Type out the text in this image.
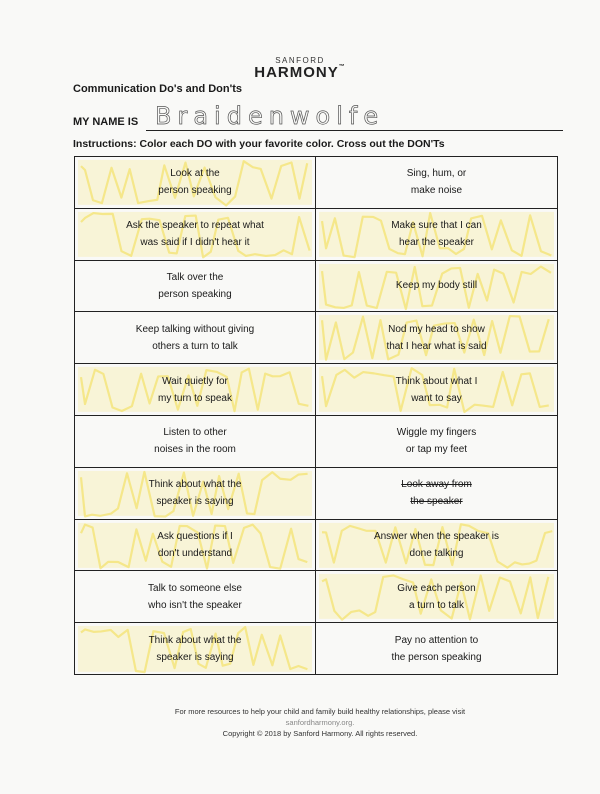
SANFORD
HARMONY™
Communication Do's and Don'ts
MY NAME IS Braidenwolfe
Instructions: Color each DO with your favorite color. Cross out the DON'Ts
Look at the
person speaking
Sing, hum, or
make noise
Ask the speaker to repeat what
was said if I didn't hear it
Make sure that I can
hear the speaker
Talk over the
person speaking
Keep my body still
Keep talking without giving
others a turn to talk
Nod my head to show
that I hear what is said
Wait quietly for
my turn to speak
Think about what I
want to say
Listen to other
noises in the room
Wiggle my fingers
or tap my feet
Think about what the
speaker is saying
Look away from
the speaker
Ask questions if I
don't understand
Answer when the speaker is
done talking
Talk to someone else
who isn't the speaker
Give each person
a turn to talk
Think about what the
speaker is saying
Pay no attention to
the person speaking
For more resources to help your child and family build healthy relationships, please visit
sanfordharmony.org.
Copyright © 2018 by Sanford Harmony. All rights reserved.
